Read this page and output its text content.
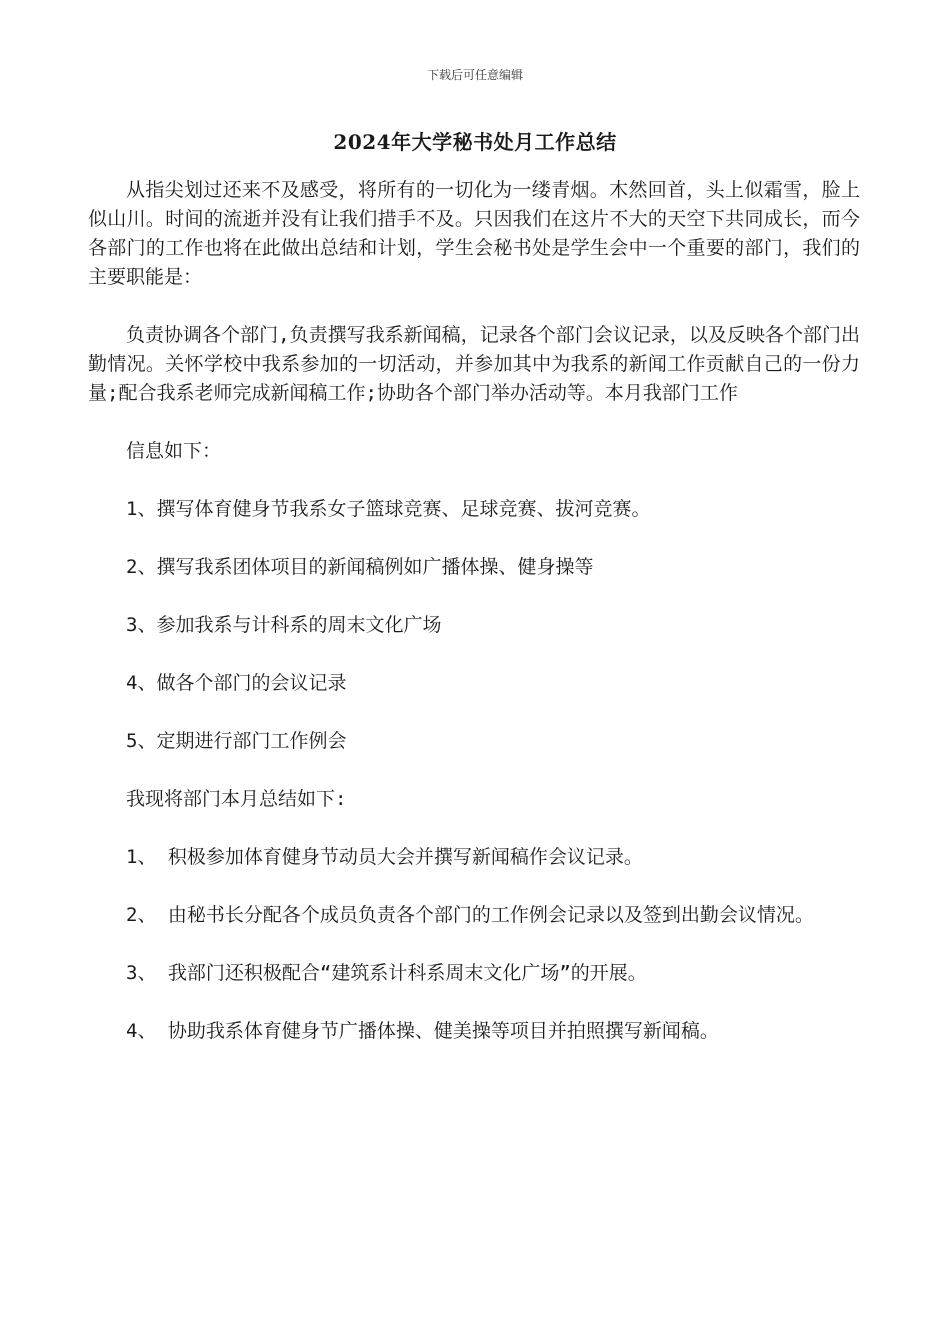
下载后可任意编辑
2024年大学秘书处月工作总结

从指尖划过还来不及感受，将所有的一切化为一缕青烟。木然回首，头上似霜雪，脸上似山川。时间的流逝并没有让我们措手不及。只因我们在这片不大的天空下共同成长，而今各部门的工作也将在此做出总结和计划，学生会秘书处是学生会中一个重要的部门，我们的主要职能是：

负责协调各个部门,负责撰写我系新闻稿，记录各个部门会议记录，以及反映各个部门出勤情况。关怀学校中我系参加的一切活动，并参加其中为我系的新闻工作贡献自己的一份力量;配合我系老师完成新闻稿工作;协助各个部门举办活动等。本月我部门工作

信息如下：

1、撰写体育健身节我系女子篮球竞赛、足球竞赛、拔河竞赛。

2、撰写我系团体项目的新闻稿例如广播体操、健身操等

3、参加我系与计科系的周末文化广场

4、做各个部门的会议记录

5、定期进行部门工作例会

我现将部门本月总结如下:

1、 积极参加体育健身节动员大会并撰写新闻稿作会议记录。

2、 由秘书长分配各个成员负责各个部门的工作例会记录以及签到出勤会议情况。

3、 我部门还积极配合“建筑系计科系周末文化广场”的开展。

4、 协助我系体育健身节广播体操、健美操等项目并拍照撰写新闻稿。
